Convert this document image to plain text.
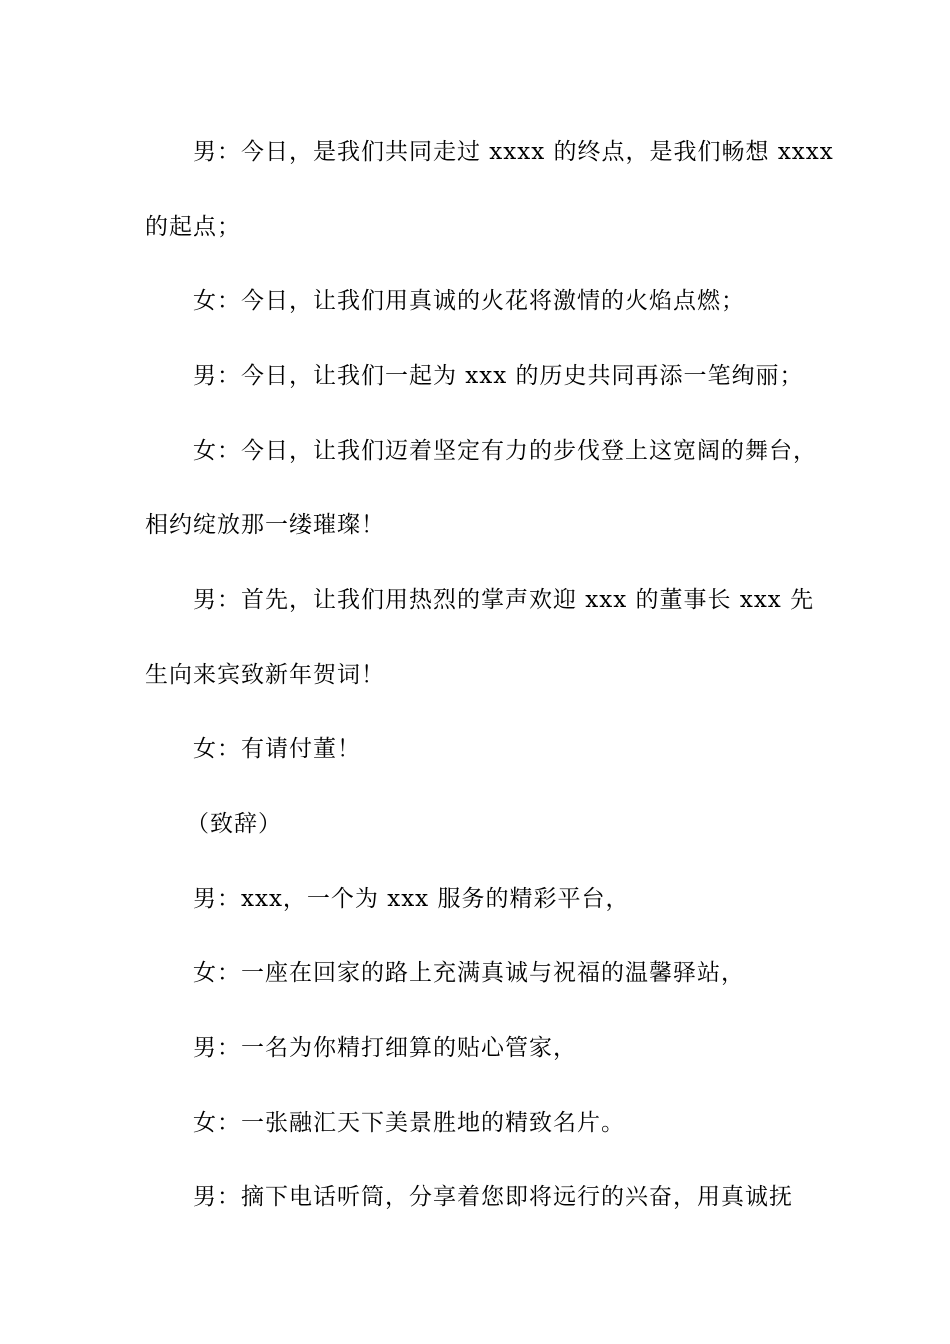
男：今日，是我们共同走过 xxxx 的终点，是我们畅想 xxxx
的起点；
女：今日，让我们用真诚的火花将激情的火焰点燃；
男：今日，让我们一起为 xxx 的历史共同再添一笔绚丽；
女：今日，让我们迈着坚定有力的步伐登上这宽阔的舞台，
相约绽放那一缕璀璨！
男：首先，让我们用热烈的掌声欢迎 xxx 的董事长 xxx 先
生向来宾致新年贺词！
女：有请付董！
（致辞）
男：xxx，一个为 xxx 服务的精彩平台，
女：一座在回家的路上充满真诚与祝福的温馨驿站，
男：一名为你精打细算的贴心管家，
女：一张融汇天下美景胜地的精致名片。
男：摘下电话听筒，分享着您即将远行的兴奋，用真诚抚
